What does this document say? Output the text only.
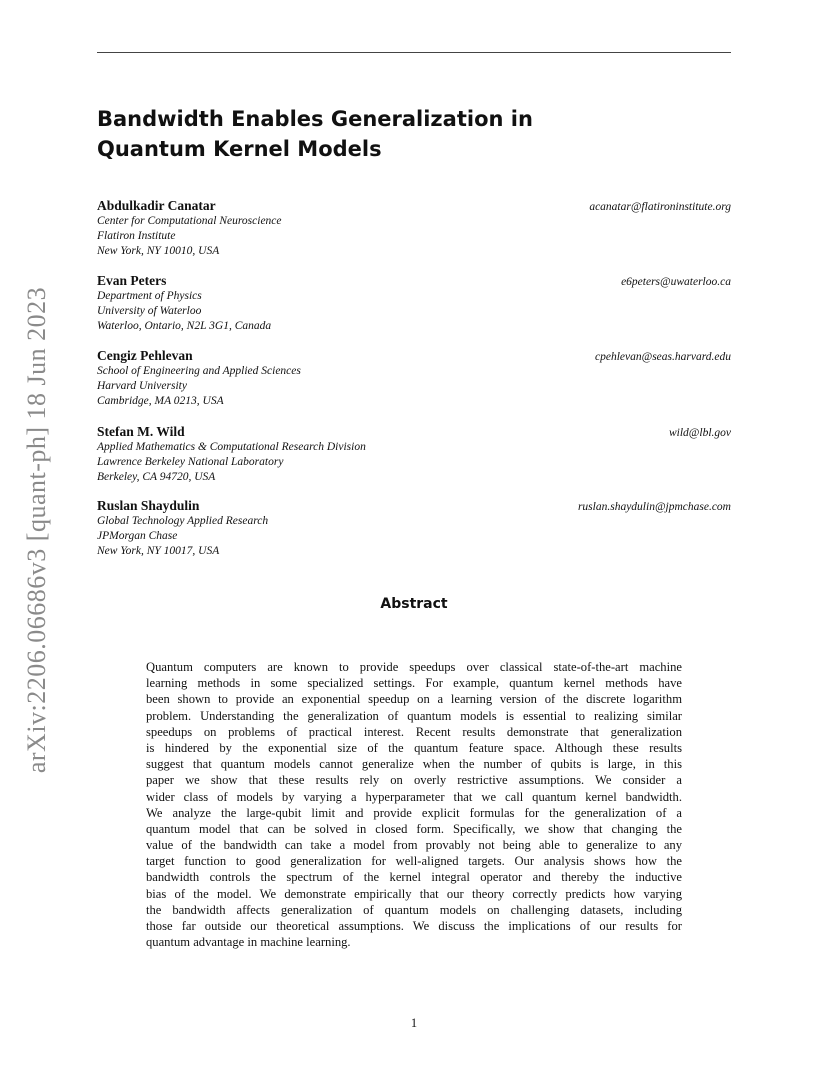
arXiv:2206.06686v3 [quant-ph] 18 Jun 2023
Bandwidth Enables Generalization in
Quantum Kernel Models
Abdulkadir Canatar	acanatar@flatironinstitute.org
Center for Computational Neuroscience
Flatiron Institute
New York, NY 10010, USA
Evan Peters	e6peters@uwaterloo.ca
Department of Physics
University of Waterloo
Waterloo, Ontario, N2L 3G1, Canada
Cengiz Pehlevan	cpehlevan@seas.harvard.edu
School of Engineering and Applied Sciences
Harvard University
Cambridge, MA 0213, USA
Stefan M. Wild	wild@lbl.gov
Applied Mathematics & Computational Research Division
Lawrence Berkeley National Laboratory
Berkeley, CA 94720, USA
Ruslan Shaydulin	ruslan.shaydulin@jpmchase.com
Global Technology Applied Research
JPMorgan Chase
New York, NY 10017, USA
Abstract
Quantum computers are known to provide speedups over classical state-of-the-art machine
learning methods in some specialized settings. For example, quantum kernel methods have
been shown to provide an exponential speedup on a learning version of the discrete logarithm
problem. Understanding the generalization of quantum models is essential to realizing similar
speedups on problems of practical interest. Recent results demonstrate that generalization
is hindered by the exponential size of the quantum feature space. Although these results
suggest that quantum models cannot generalize when the number of qubits is large, in this
paper we show that these results rely on overly restrictive assumptions. We consider a
wider class of models by varying a hyperparameter that we call quantum kernel bandwidth.
We analyze the large-qubit limit and provide explicit formulas for the generalization of a
quantum model that can be solved in closed form. Specifically, we show that changing the
value of the bandwidth can take a model from provably not being able to generalize to any
target function to good generalization for well-aligned targets. Our analysis shows how the
bandwidth controls the spectrum of the kernel integral operator and thereby the inductive
bias of the model. We demonstrate empirically that our theory correctly predicts how varying
the bandwidth affects generalization of quantum models on challenging datasets, including
those far outside our theoretical assumptions. We discuss the implications of our results for
quantum advantage in machine learning.
1
